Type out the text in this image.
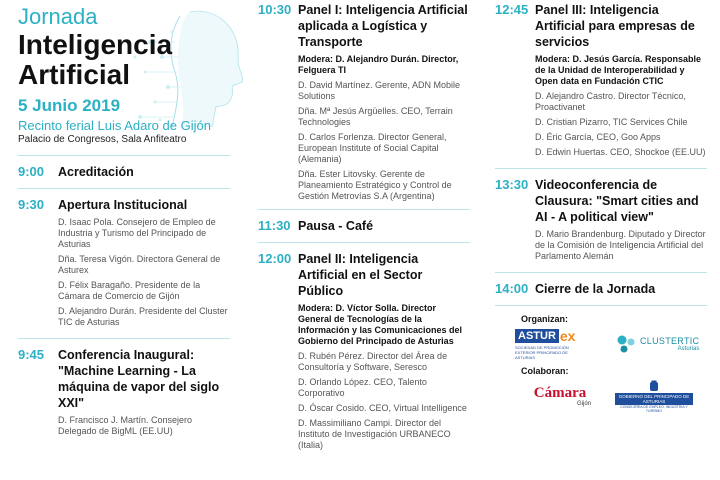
Jornada
Inteligencia
Artificial
5 Junio 2019
Recinto ferial Luis Adaro de Gijón
Palacio de Congresos, Sala Anfiteatro
9:00	Acreditación
9:30	Apertura Institucional
D. Isaac Pola. Consejero de Empleo de Industria y Turismo del Principado de Asturias
Dña. Teresa Vigón. Directora General de Asturex
D. Félix Baragaño. Presidente de la Cámara de Comercio de Gijón
D. Alejandro Durán. Presidente del Cluster TIC de Asturias
9:45	Conferencia Inaugural: "Machine Learning - La máquina de vapor del siglo XXI"
D. Francisco J. Martín. Consejero Delegado de BigML (EE.UU)
10:30 Panel I: Inteligencia Artificial aplicada a Logística y Transporte
Modera: D. Alejandro Durán. Director, Felguera TI
D. David Martínez. Gerente, ADN Mobile Solutions
Dña. Mª Jesús Argüelles. CEO, Terrain Technologies
D. Carlos Forlenza. Director General, European Institute of Social Capital (Alemania)
Dña. Ester Litovsky. Gerente de Planeamiento Estratégico y Control de Gestión Metrovías S.A (Argentina)
11:30 Pausa - Café
12:00 Panel II: Inteligencia Artificial en el Sector Público
Modera: D. Víctor Solla. Director General de Tecnologías de la Información y las Comunicaciones del Gobierno del Principado de Asturias
D. Rubén Pérez. Director del Área de Consultoría y Software, Seresco
D. Orlando López. CEO, Talento Corporativo
D. Óscar Cosido. CEO, Virtual Intelligence
D. Massimiliano Campi. Director del Instituto de Investigación URBANECO (Italia)
12:45 Panel III: Inteligencia Artificial para empresas de servicios
Modera: D. Jesús García. Responsable de la Unidad de Interoperabilidad y Open data en Fundación CTIC
D. Alejandro Castro. Director Técnico, Proactivanet
D. Cristian Pizarro, TIC Services Chile
D. Éric García, CEO, Goo Apps
D. Edwin Huertas. CEO, Shockoe (EE.UU)
13:30 Videoconferencia de Clausura: "Smart cities and AI - A political view"
D. Mario Brandenburg. Diputado y Director de la Comisión de Inteligencia Artificial del Parlamento Alemán
14:00 Cierre de la Jornada
Organizan:
ASTUR ex
SOCIEDAD DE PROMOCIÓN EXTERIOR PRINCIPADO DE ASTURIAS
CLUSTERTIC
Asturias
Colaboran:
Cámara
Gijón
GOBIERNO DEL PRINCIPADO DE ASTURIAS
CONSEJERÍA DE EMPLEO, INDUSTRIA Y TURISMO
